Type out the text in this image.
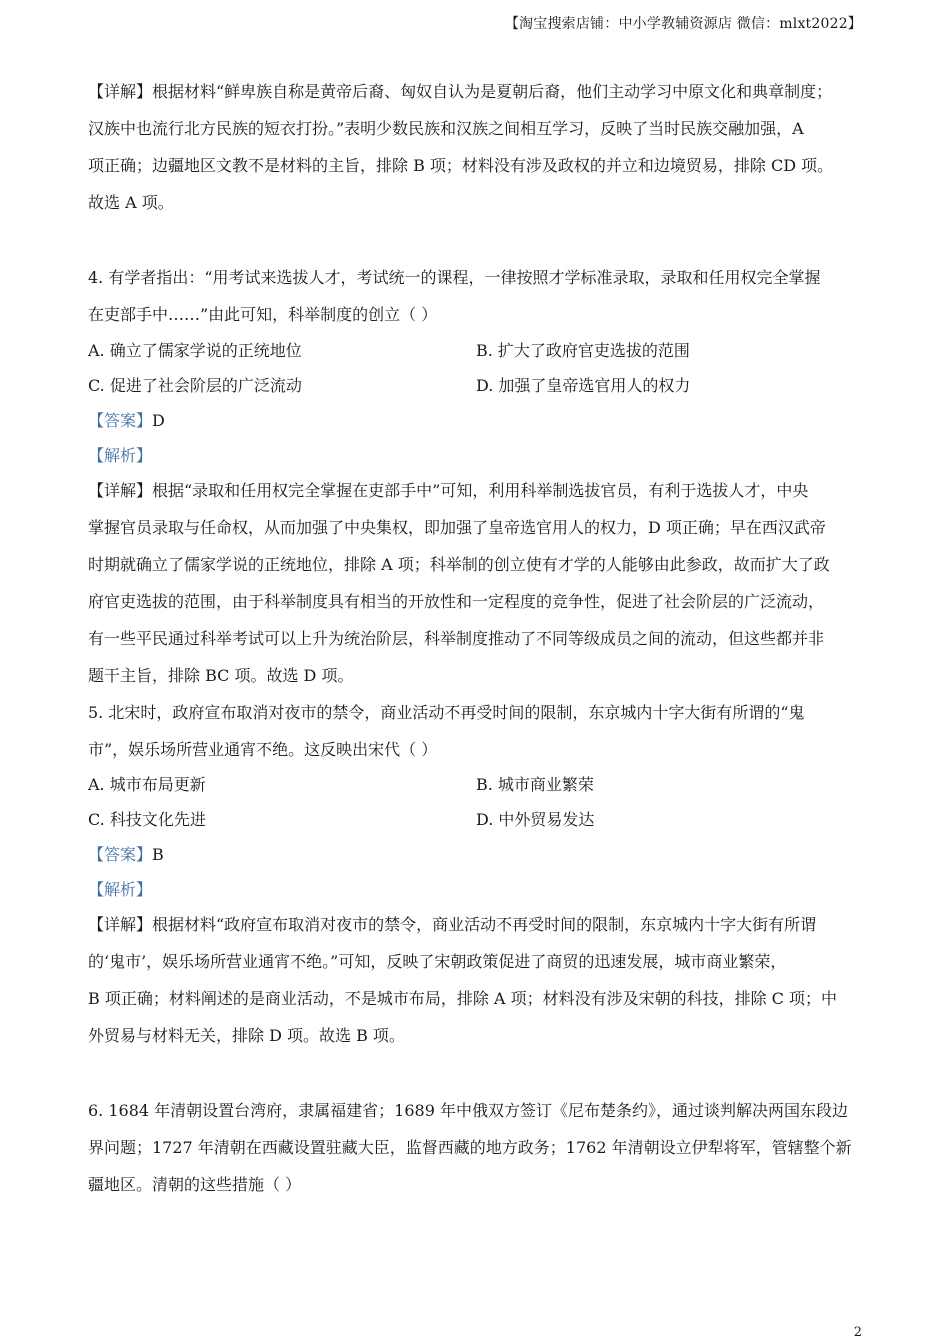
【淘宝搜索店铺：中小学教辅资源店 微信：mlxt2022】
【详解】根据材料“鲜卑族自称是黄帝后裔、匈奴自认为是夏朝后裔，他们主动学习中原文化和典章制度；
汉族中也流行北方民族的短衣打扮。”表明少数民族和汉族之间相互学习，反映了当时民族交融加强，A
项正确；边疆地区文教不是材料的主旨，排除 B 项；材料没有涉及政权的并立和边境贸易，排除 CD 项。
故选 A 项。
4. 有学者指出：“用考试来选拔人才，考试统一的课程，一律按照才学标准录取，录取和任用权完全掌握
在吏部手中……”由此可知，科举制度的创立（ ）
A. 确立了儒家学说的正统地位	B. 扩大了政府官吏选拔的范围
C. 促进了社会阶层的广泛流动	D. 加强了皇帝选官用人的权力
【答案】D
【解析】
【详解】根据“录取和任用权完全掌握在吏部手中”可知，利用科举制选拔官员，有利于选拔人才，中央
掌握官员录取与任命权，从而加强了中央集权，即加强了皇帝选官用人的权力，D 项正确；早在西汉武帝
时期就确立了儒家学说的正统地位，排除 A 项；科举制的创立使有才学的人能够由此参政，故而扩大了政
府官吏选拔的范围，由于科举制度具有相当的开放性和一定程度的竞争性，促进了社会阶层的广泛流动，
有一些平民通过科举考试可以上升为统治阶层，科举制度推动了不同等级成员之间的流动，但这些都并非
题干主旨，排除 BC 项。故选 D 项。
5. 北宋时，政府宣布取消对夜市的禁令，商业活动不再受时间的限制，东京城内十字大街有所谓的“鬼
市”，娱乐场所营业通宵不绝。这反映出宋代（ ）
A. 城市布局更新	B. 城市商业繁荣
C. 科技文化先进	D. 中外贸易发达
【答案】B
【解析】
【详解】根据材料“政府宣布取消对夜市的禁令，商业活动不再受时间的限制，东京城内十字大街有所谓
的‘鬼市’，娱乐场所营业通宵不绝。”可知，反映了宋朝政策促进了商贸的迅速发展，城市商业繁荣，
B 项正确；材料阐述的是商业活动，不是城市布局，排除 A 项；材料没有涉及宋朝的科技，排除 C 项；中
外贸易与材料无关，排除 D 项。故选 B 项。
6. 1684 年清朝设置台湾府，隶属福建省；1689 年中俄双方签订《尼布楚条约》，通过谈判解决两国东段边
界问题；1727 年清朝在西藏设置驻藏大臣，监督西藏的地方政务；1762 年清朝设立伊犁将军，管辖整个新
疆地区。清朝的这些措施（ ）
2
